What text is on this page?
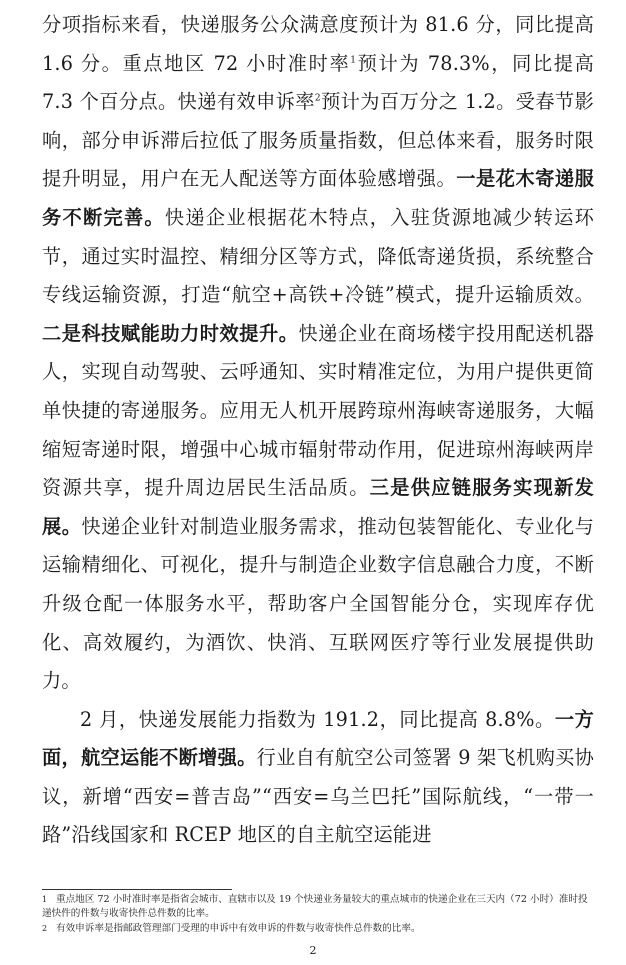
分项指标来看，快递服务公众满意度预计为 81.6 分，同比提高 1.6 分。重点地区 72 小时准时率$^1$预计为 78.3%，同比提高 7.3 个百分点。快递有效申诉率$^2$预计为百万分之 1.2。受春节影响，部分申诉滞后拉低了服务质量指数，但总体来看，服务时限提升明显，用户在无人配送等方面体验感增强。一是花木寄递服务不断完善。快递企业根据花木特点，入驻货源地减少转运环节，通过实时温控、精细分区等方式，降低寄递货损，系统整合专线运输资源，打造“航空+高铁+冷链”模式，提升运输质效。二是科技赋能助力时效提升。快递企业在商场楼宇投用配送机器人，实现自动驾驶、云呼通知、实时精准定位，为用户提供更简单快捷的寄递服务。应用无人机开展跨琼州海峡寄递服务，大幅缩短寄递时限，增强中心城市辐射带动作用，促进琼州海峡两岸资源共享，提升周边居民生活品质。三是供应链服务实现新发展。快递企业针对制造业服务需求，推动包装智能化、专业化与运输精细化、可视化，提升与制造企业数字信息融合力度，不断升级仓配一体服务水平，帮助客户全国智能分仓，实现库存优化、高效履约，为酒饮、快消、互联网医疗等行业发展提供助力。

2 月，快递发展能力指数为 191.2，同比提高 8.8%。一方面，航空运能不断增强。行业自有航空公司签署 9 架飞机购买协议，新增“西安=普吉岛”“西安=乌兰巴托”国际航线，“一带一路”沿线国家和 RCEP 地区的自主航空运能进

1 重点地区 72 小时准时率是指省会城市、直辖市以及 19 个快递业务量较大的重点城市的快递企业在三天内（72 小时）准时投递快件的件数与收寄快件总件数的比率。
2 有效申诉率是指邮政管理部门受理的申诉中有效申诉的件数与收寄快件总件数的比率。
2
